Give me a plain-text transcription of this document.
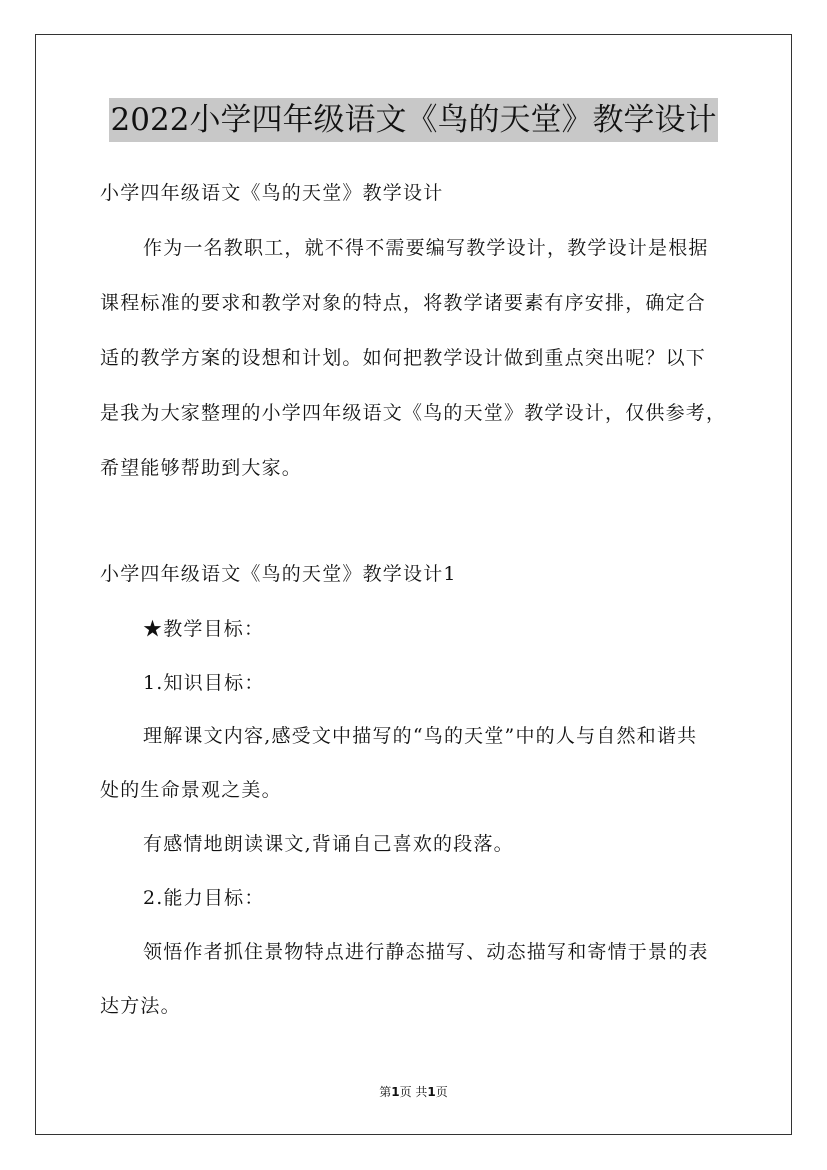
2022小学四年级语文《鸟的天堂》教学设计
小学四年级语文《鸟的天堂》教学设计
作为一名教职工，就不得不需要编写教学设计，教学设计是根据
课程标准的要求和教学对象的特点，将教学诸要素有序安排，确定合
适的教学方案的设想和计划。如何把教学设计做到重点突出呢？以下
是我为大家整理的小学四年级语文《鸟的天堂》教学设计，仅供参考，
希望能够帮助到大家。
小学四年级语文《鸟的天堂》教学设计1
★教学目标：
1.知识目标：
理解课文内容,感受文中描写的“鸟的天堂”中的人与自然和谐共
处的生命景观之美。
有感情地朗读课文,背诵自己喜欢的段落。
2.能力目标：
领悟作者抓住景物特点进行静态描写、动态描写和寄情于景的表
达方法。
第1页 共1页
